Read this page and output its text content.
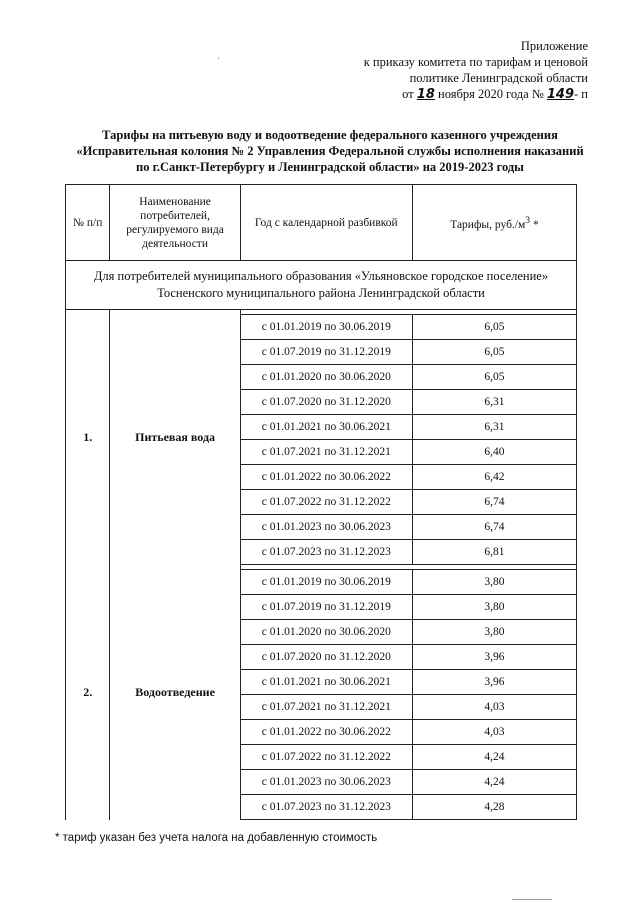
'
Приложение
к приказу комитета по тарифам и ценовой
политике Ленинградской области
от 18 ноября 2020 года № 149- п
Тарифы на питьевую воду и водоотведение федерального казенного учреждения
«Исправительная колония № 2 Управления Федеральной службы исполнения наказаний
по г.Санкт-Петербургу и Ленинградской области» на 2019-2023 годы
№ п/п	Наименование потребителей, регулируемого вида деятельности	Год с календарной разбивкой	Тарифы, $руб./м^3$ *

Для потребителей муниципального образования «Ульяновское городское поселение»
Тосненского муниципального района Ленинградской области			

1.	Питьевая вода		
		с 01.01.2019 по 30.06.2019	6,05
		с 01.07.2019 по 31.12.2019	6,05
		с 01.01.2020 по 30.06.2020	6,05
		с 01.07.2020 по 31.12.2020	6,31
		с 01.01.2021 по 30.06.2021	6,31
		с 01.07.2021 по 31.12.2021	6,40
		с 01.01.2022 по 30.06.2022	6,42
		с 01.07.2022 по 31.12.2022	6,74
		с 01.01.2023 по 30.06.2023	6,74
		с 01.07.2023 по 31.12.2023	6,81
2.	Водоотведение		
		с 01.01.2019 по 30.06.2019	3,80
		с 01.07.2019 по 31.12.2019	3,80
		с 01.01.2020 по 30.06.2020	3,80
		с 01.07.2020 по 31.12.2020	3,96
		с 01.01.2021 по 30.06.2021	3,96
		с 01.07.2021 по 31.12.2021	4,03
		с 01.01.2022 по 30.06.2022	4,03
		с 01.07.2022 по 31.12.2022	4,24
		с 01.01.2023 по 30.06.2023	4,24
		с 01.07.2023 по 31.12.2023	4,28
* тариф указан без учета налога на добавленную стоимость
